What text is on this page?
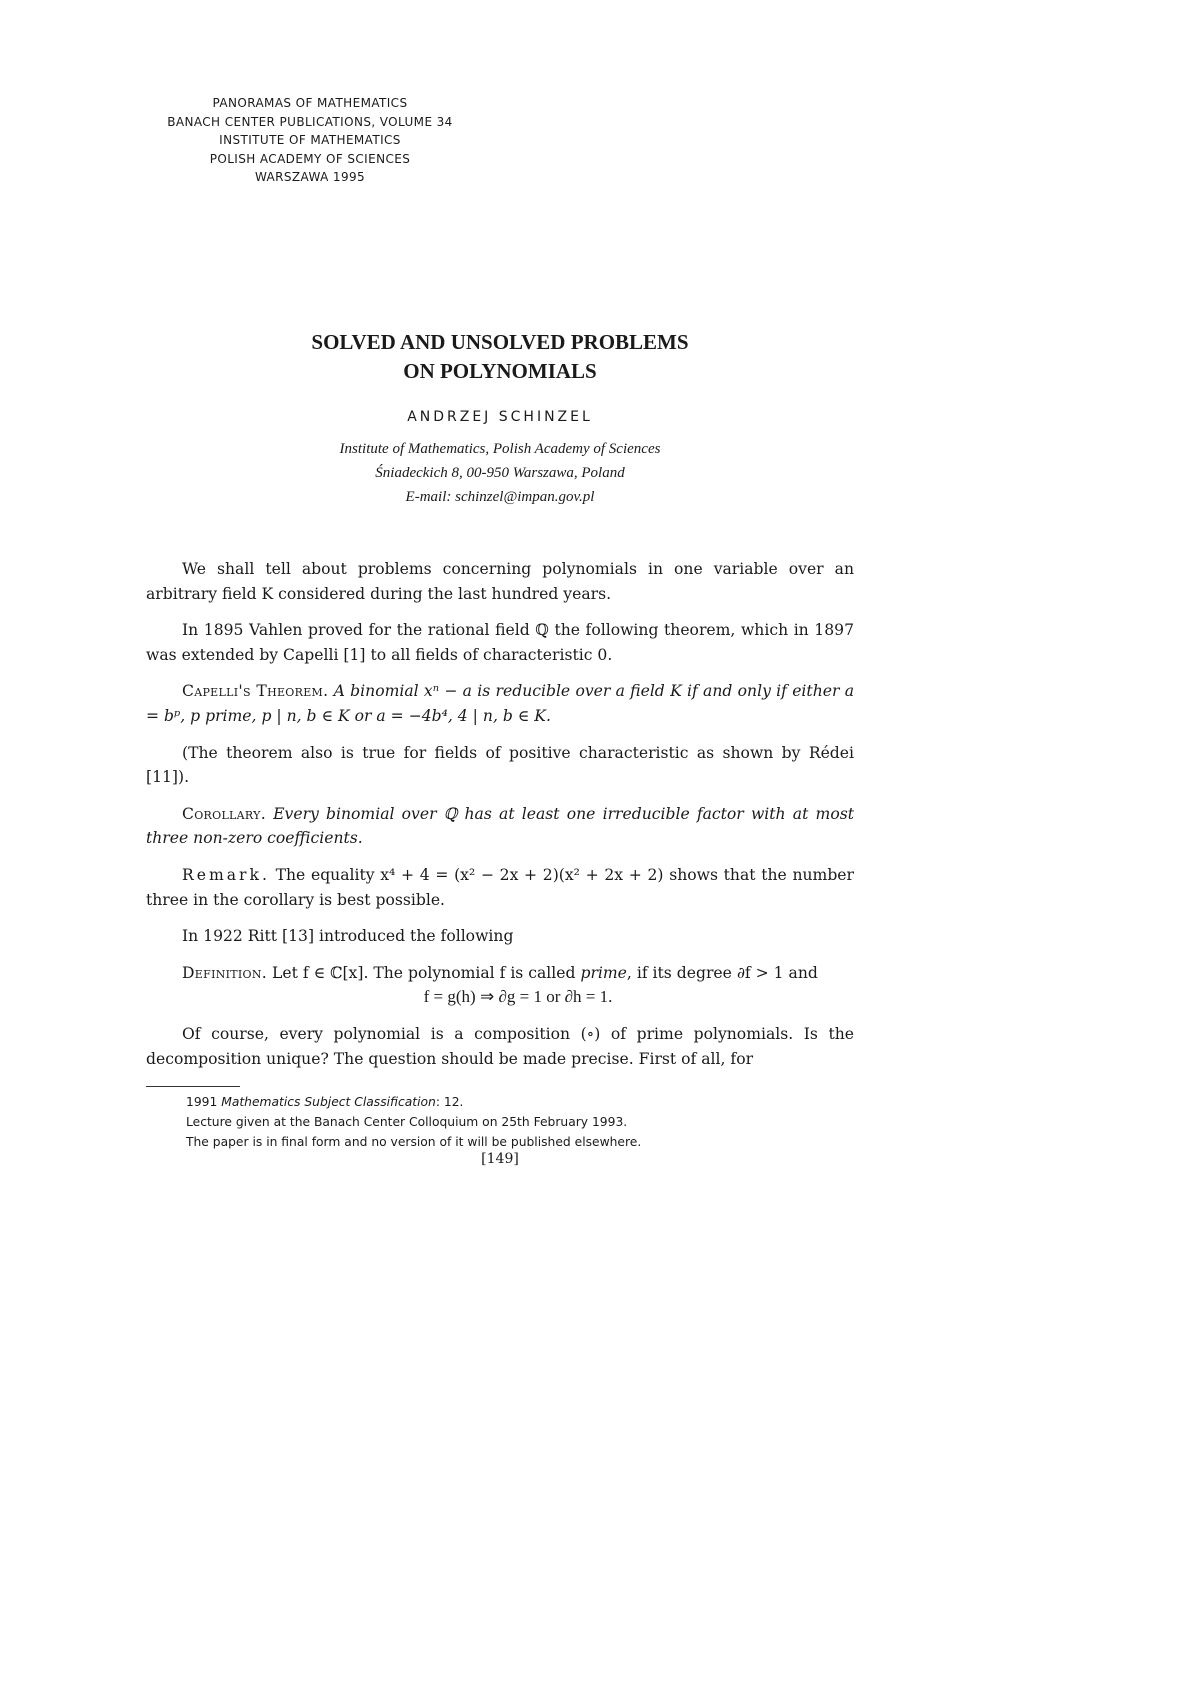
PANORAMAS OF MATHEMATICS
BANACH CENTER PUBLICATIONS, VOLUME 34
INSTITUTE OF MATHEMATICS
POLISH ACADEMY OF SCIENCES
WARSZAWA 1995
SOLVED AND UNSOLVED PROBLEMS
ON POLYNOMIALS
ANDRZEJ SCHINZEL
Institute of Mathematics, Polish Academy of Sciences
Śniadeckich 8, 00-950 Warszawa, Poland
E-mail: schinzel@impan.gov.pl

We shall tell about problems concerning polynomials in one variable over an arbitrary field K considered during the last hundred years.

In 1895 Vahlen proved for the rational field ℚ the following theorem, which in 1897 was extended by Capelli [1] to all fields of characteristic 0.

Capelli's Theorem. A binomial xⁿ − a is reducible over a field K if and only if either a = bᵖ, p prime, p | n, b ∈ K or a = −4b⁴, 4 | n, b ∈ K.

(The theorem also is true for fields of positive characteristic as shown by Rédei [11]).

Corollary. Every binomial over ℚ has at least one irreducible factor with at most three non-zero coefficients.

Remark. The equality x⁴ + 4 = (x² − 2x + 2)(x² + 2x + 2) shows that the number three in the corollary is best possible.

In 1922 Ritt [13] introduced the following

Definition. Let f ∈ ℂ[x]. The polynomial f is called prime, if its degree ∂f > 1 and

f = g(h) ⇒ ∂g = 1 or ∂h = 1.

Of course, every polynomial is a composition (∘) of prime polynomials. Is the decomposition unique? The question should be made precise. First of all, for

1991 Mathematics Subject Classification: 12.
Lecture given at the Banach Center Colloquium on 25th February 1993.
The paper is in final form and no version of it will be published elsewhere.
[149]
